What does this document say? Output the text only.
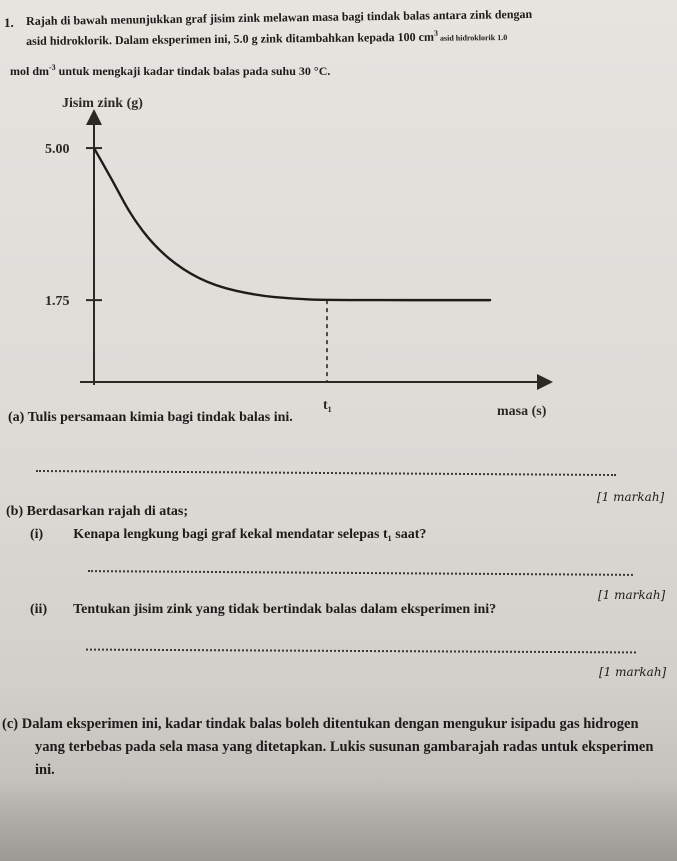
1. Rajah di bawah menunjukkan graf jisim zink melawan masa bagi tindak balas antara zink dengan
asid hidroklorik. Dalam eksperimen ini, 5.0 g zink ditambahkan kepada 100 $cm^3$ asid hidroklorik 1.0
mol $dm^{-3}$ untuk mengkaji kadar tindak balas pada suhu 30 °C.
Jisim zink (g)
5.00
1.75
t₁	masa (s)
(a) Tulis persamaan kimia bagi tindak balas ini.
[1 markah]
(b) Berdasarkan rajah di atas;
(i) Kenapa lengkung bagi graf kekal mendatar selepas t₁ saat?
[1 markah]
(ii) Tentukan jisim zink yang tidak bertindak balas dalam eksperimen ini?
[1 markah]
(c) Dalam eksperimen ini, kadar tindak balas boleh ditentukan dengan mengukur isipadu gas hidrogen
yang terbebas pada sela masa yang ditetapkan. Lukis susunan gambarajah radas untuk eksperimen
ini.
